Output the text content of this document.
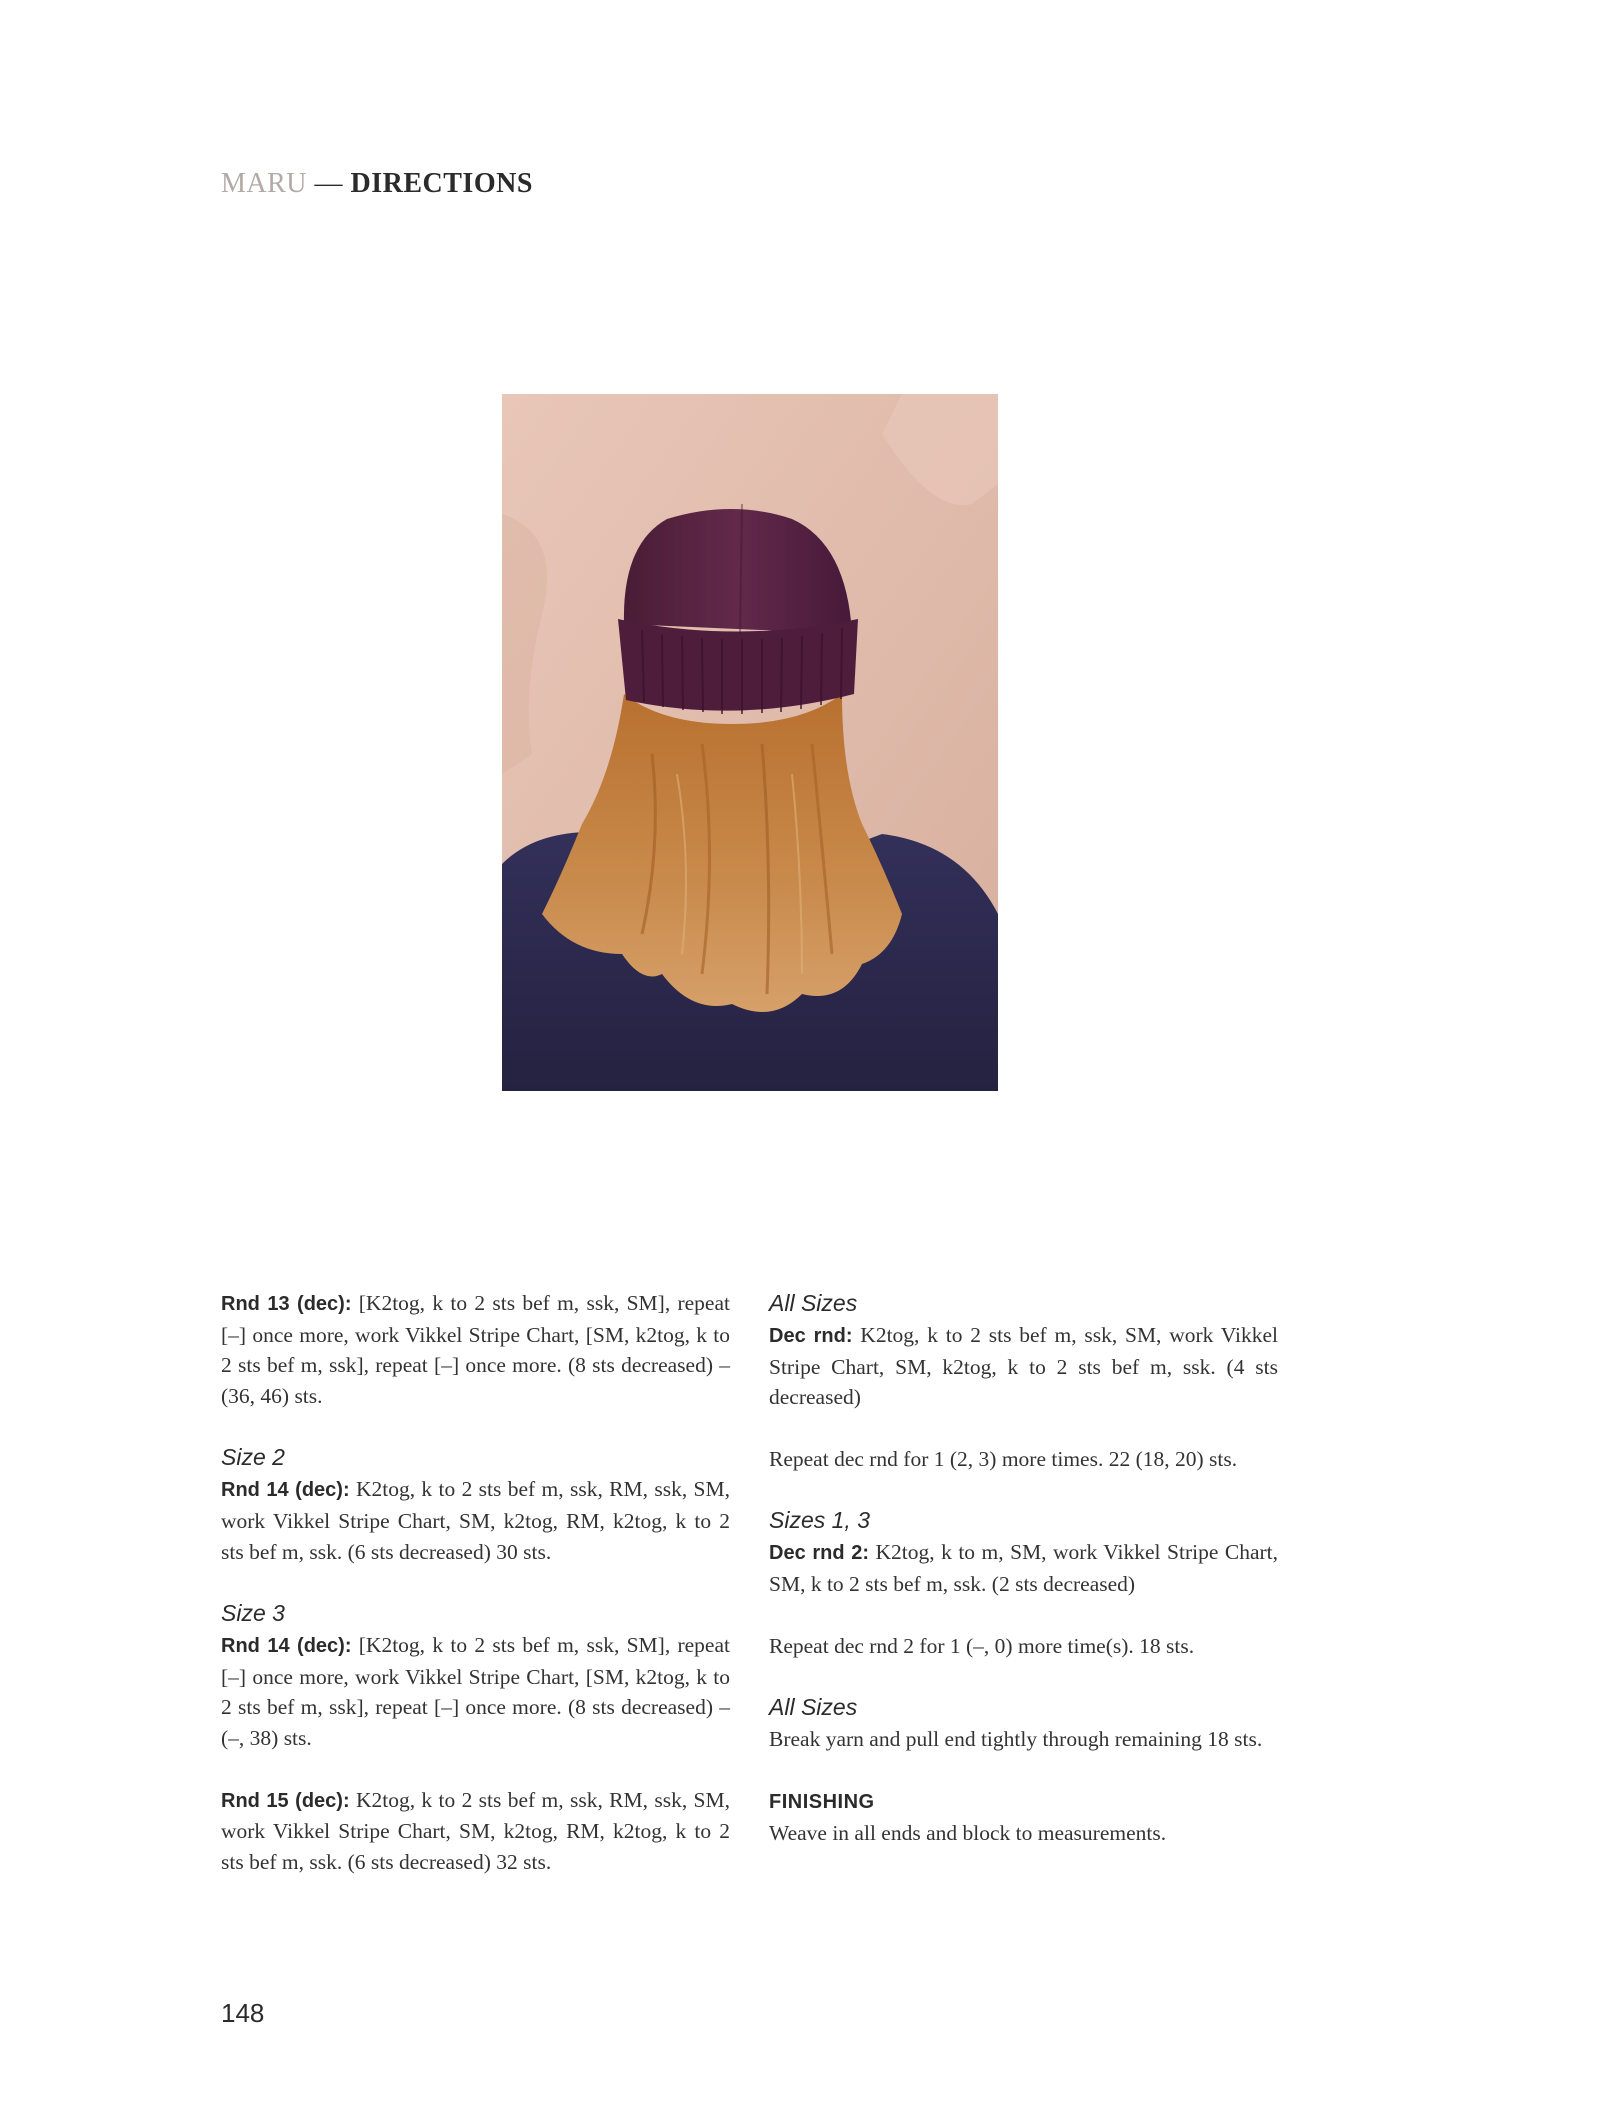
MARU — DIRECTIONS

Rnd 13 (dec): [K2tog, k to 2 sts bef m, ssk, SM], repeat [–] once more, work Vikkel Stripe Chart, [SM, k2tog, k to 2 sts bef m, ssk], repeat [–] once more. (8 sts decreased) – (36, 46) sts.

Size 2

Rnd 14 (dec): K2tog, k to 2 sts bef m, ssk, RM, ssk, SM, work Vikkel Stripe Chart, SM, k2tog, RM, k2tog, k to 2 sts bef m, ssk. (6 sts decreased) 30 sts.

Size 3

Rnd 14 (dec): [K2tog, k to 2 sts bef m, ssk, SM], repeat [–] once more, work Vikkel Stripe Chart, [SM, k2tog, k to 2 sts bef m, ssk], repeat [–] once more. (8 sts decreased) – (–, 38) sts.

Rnd 15 (dec): K2tog, k to 2 sts bef m, ssk, RM, ssk, SM, work Vikkel Stripe Chart, SM, k2tog, RM, k2tog, k to 2 sts bef m, ssk. (6 sts decreased) 32 sts.

All Sizes

Dec rnd: K2tog, k to 2 sts bef m, ssk, SM, work Vikkel Stripe Chart, SM, k2tog, k to 2 sts bef m, ssk. (4 sts decreased)

Repeat dec rnd for 1 (2, 3) more times. 22 (18, 20) sts.

Sizes 1, 3

Dec rnd 2: K2tog, k to m, SM, work Vikkel Stripe Chart, SM, k to 2 sts bef m, ssk. (2 sts decreased)

Repeat dec rnd 2 for 1 (–, 0) more time(s). 18 sts.

All Sizes

Break yarn and pull end tightly through remaining 18 sts.

FINISHING

Weave in all ends and block to measurements.

148
